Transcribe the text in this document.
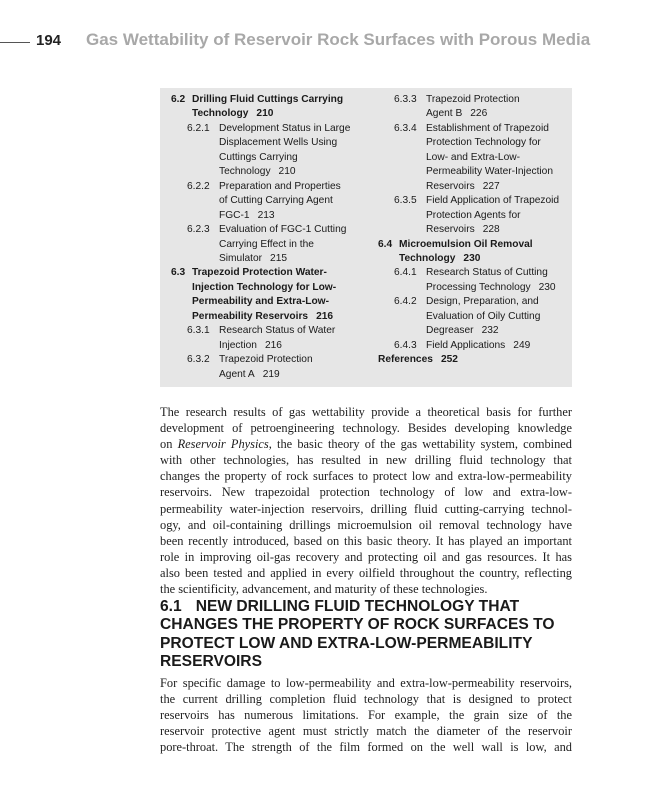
194 Gas Wettability of Reservoir Rock Surfaces with Porous Media
6.2 Drilling Fluid Cuttings Carrying
Technology 210
6.2.1 Development Status in Large
Displacement Wells Using
Cuttings Carrying
Technology 210
6.2.2 Preparation and Properties
of Cutting Carrying Agent
FGC-1 213
6.2.3 Evaluation of FGC-1 Cutting
Carrying Effect in the
Simulator 215
6.3 Trapezoid Protection Water-
Injection Technology for Low-
Permeability and Extra-Low-
Permeability Reservoirs 216
6.3.1 Research Status of Water
Injection 216
6.3.2 Trapezoid Protection
Agent A 219
6.3.3 Trapezoid Protection
Agent B 226
6.3.4 Establishment of Trapezoid
Protection Technology for
Low- and Extra-Low-
Permeability Water-Injection
Reservoirs 227
6.3.5 Field Application of Trapezoid
Protection Agents for
Reservoirs 228
6.4 Microemulsion Oil Removal
Technology 230
6.4.1 Research Status of Cutting
Processing Technology 230
6.4.2 Design, Preparation, and
Evaluation of Oily Cutting
Degreaser 232
6.4.3 Field Applications 249
References 252
The research results of gas wettability provide a theoretical basis for further
development of petroengineering technology. Besides developing knowledge
on Reservoir Physics, the basic theory of the gas wettability system, combined
with other technologies, has resulted in new drilling fluid technology that
changes the property of rock surfaces to protect low and extra-low-permeability
reservoirs. New trapezoidal protection technology of low and extra-low-
permeability water-injection reservoirs, drilling fluid cutting-carrying technol-
ogy, and oil-containing drillings microemulsion oil removal technology have
been recently introduced, based on this basic theory. It has played an important
role in improving oil-gas recovery and protecting oil and gas resources. It has
also been tested and applied in every oilfield throughout the country, reflecting
the scientificity, advancement, and maturity of these technologies.
6.1 NEW DRILLING FLUID TECHNOLOGY THAT
CHANGES THE PROPERTY OF ROCK SURFACES TO
PROTECT LOW AND EXTRA-LOW-PERMEABILITY
RESERVOIRS
For specific damage to low-permeability and extra-low-permeability reservoirs,
the current drilling completion fluid technology that is designed to protect
reservoirs has numerous limitations. For example, the grain size of the
reservoir protective agent must strictly match the diameter of the reservoir
pore-throat. The strength of the film formed on the well wall is low, and
